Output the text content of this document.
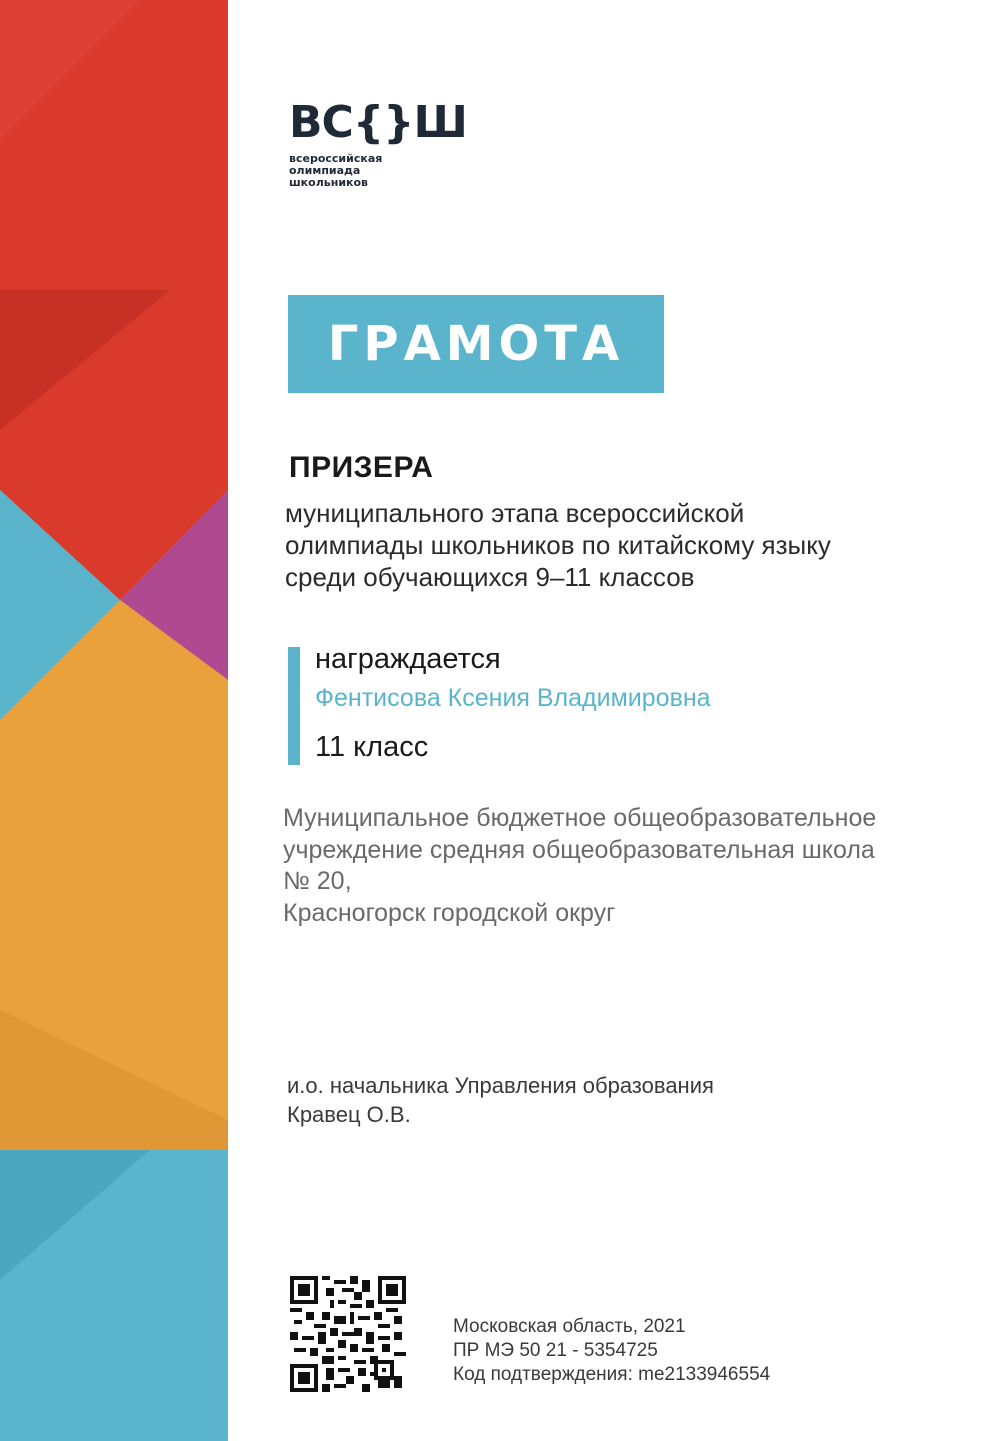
ВС{}Ш
всероссийская
олимпиада
школьников
ГРАМОТА
ПРИЗЕРА
муниципального этапа всероссийской
олимпиады школьников по китайскому языку
среди обучающихся 9–11 классов
награждается
Фентисова Ксения Владимировна
11 класс
Муниципальное бюджетное общеобразовательное
учреждение средняя общеобразовательная школа
№ 20,
Красногорск городской округ
и.о. начальника Управления образования
Кравец О.В.
Московская область, 2021
ПР МЭ 50 21 - 5354725
Код подтверждения: me2133946554
